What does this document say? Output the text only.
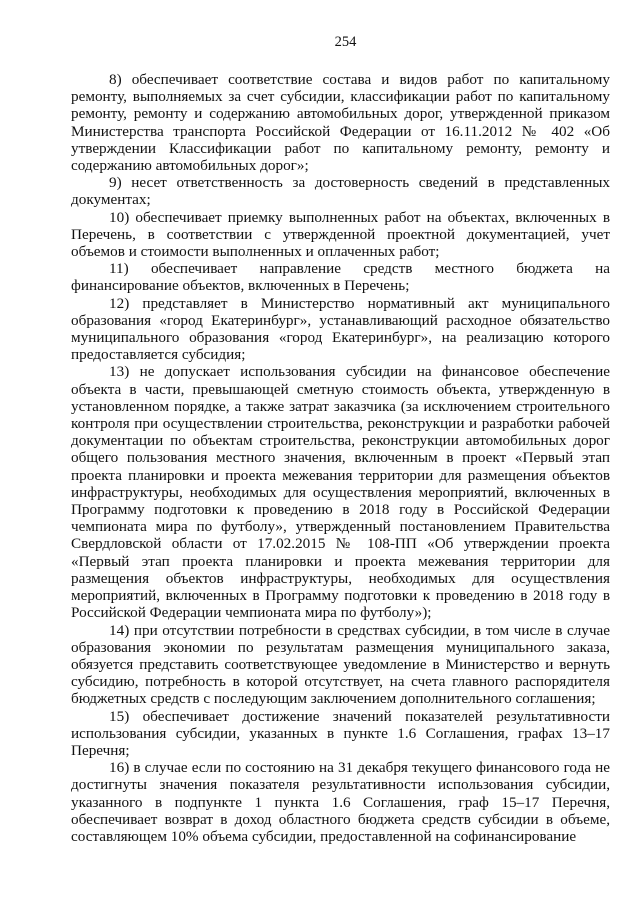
254

8) обеспечивает соответствие состава и видов работ по капитальному ремонту, выполняемых за счет субсидии, классификации работ по капитальному ремонту, ремонту и содержанию автомобильных дорог, утвержденной приказом Министерства транспорта Российской Федерации от 16.11.2012 № 402 «Об утверждении Классификации работ по капитальному ремонту, ремонту и содержанию автомобильных дорог»;

9) несет ответственность за достоверность сведений в представленных документах;

10) обеспечивает приемку выполненных работ на объектах, включенных в Перечень, в соответствии с утвержденной проектной документацией, учет объемов и стоимости выполненных и оплаченных работ;

11) обеспечивает направление средств местного бюджета на финансирование объектов, включенных в Перечень;

12) представляет в Министерство нормативный акт муниципального образования «город Екатеринбург», устанавливающий расходное обязательство муниципального образования «город Екатеринбург», на реализацию которого предоставляется субсидия;

13) не допускает использования субсидии на финансовое обеспечение объекта в части, превышающей сметную стоимость объекта, утвержденную в установленном порядке, а также затрат заказчика (за исключением строительного контроля при осуществлении строительства, реконструкции и разработки рабочей документации по объектам строительства, реконструкции автомобильных дорог общего пользования местного значения, включенным в проект «Первый этап проекта планировки и проекта межевания территории для размещения объектов инфраструктуры, необходимых для осуществления мероприятий, включенных в Программу подготовки к проведению в 2018 году в Российской Федерации чемпионата мира по футболу», утвержденный постановлением Правительства Свердловской области от 17.02.2015 № 108-ПП «Об утверждении проекта «Первый этап проекта планировки и проекта межевания территории для размещения объектов инфраструктуры, необходимых для осуществления мероприятий, включенных в Программу подготовки к проведению в 2018 году в Российской Федерации чемпионата мира по футболу»);

14) при отсутствии потребности в средствах субсидии, в том числе в случае образования экономии по результатам размещения муниципального заказа, обязуется представить соответствующее уведомление в Министерство и вернуть субсидию, потребность в которой отсутствует, на счета главного распорядителя бюджетных средств с последующим заключением дополнительного соглашения;

15) обеспечивает достижение значений показателей результативности использования субсидии, указанных в пункте 1.6 Соглашения, графах 13–17 Перечня;

16) в случае если по состоянию на 31 декабря текущего финансового года не достигнуты значения показателя результативности использования субсидии, указанного в подпункте 1 пункта 1.6 Соглашения, граф 15–17 Перечня, обеспечивает возврат в доход областного бюджета средств субсидии в объеме, составляющем 10% объема субсидии, предоставленной на софинансирование
